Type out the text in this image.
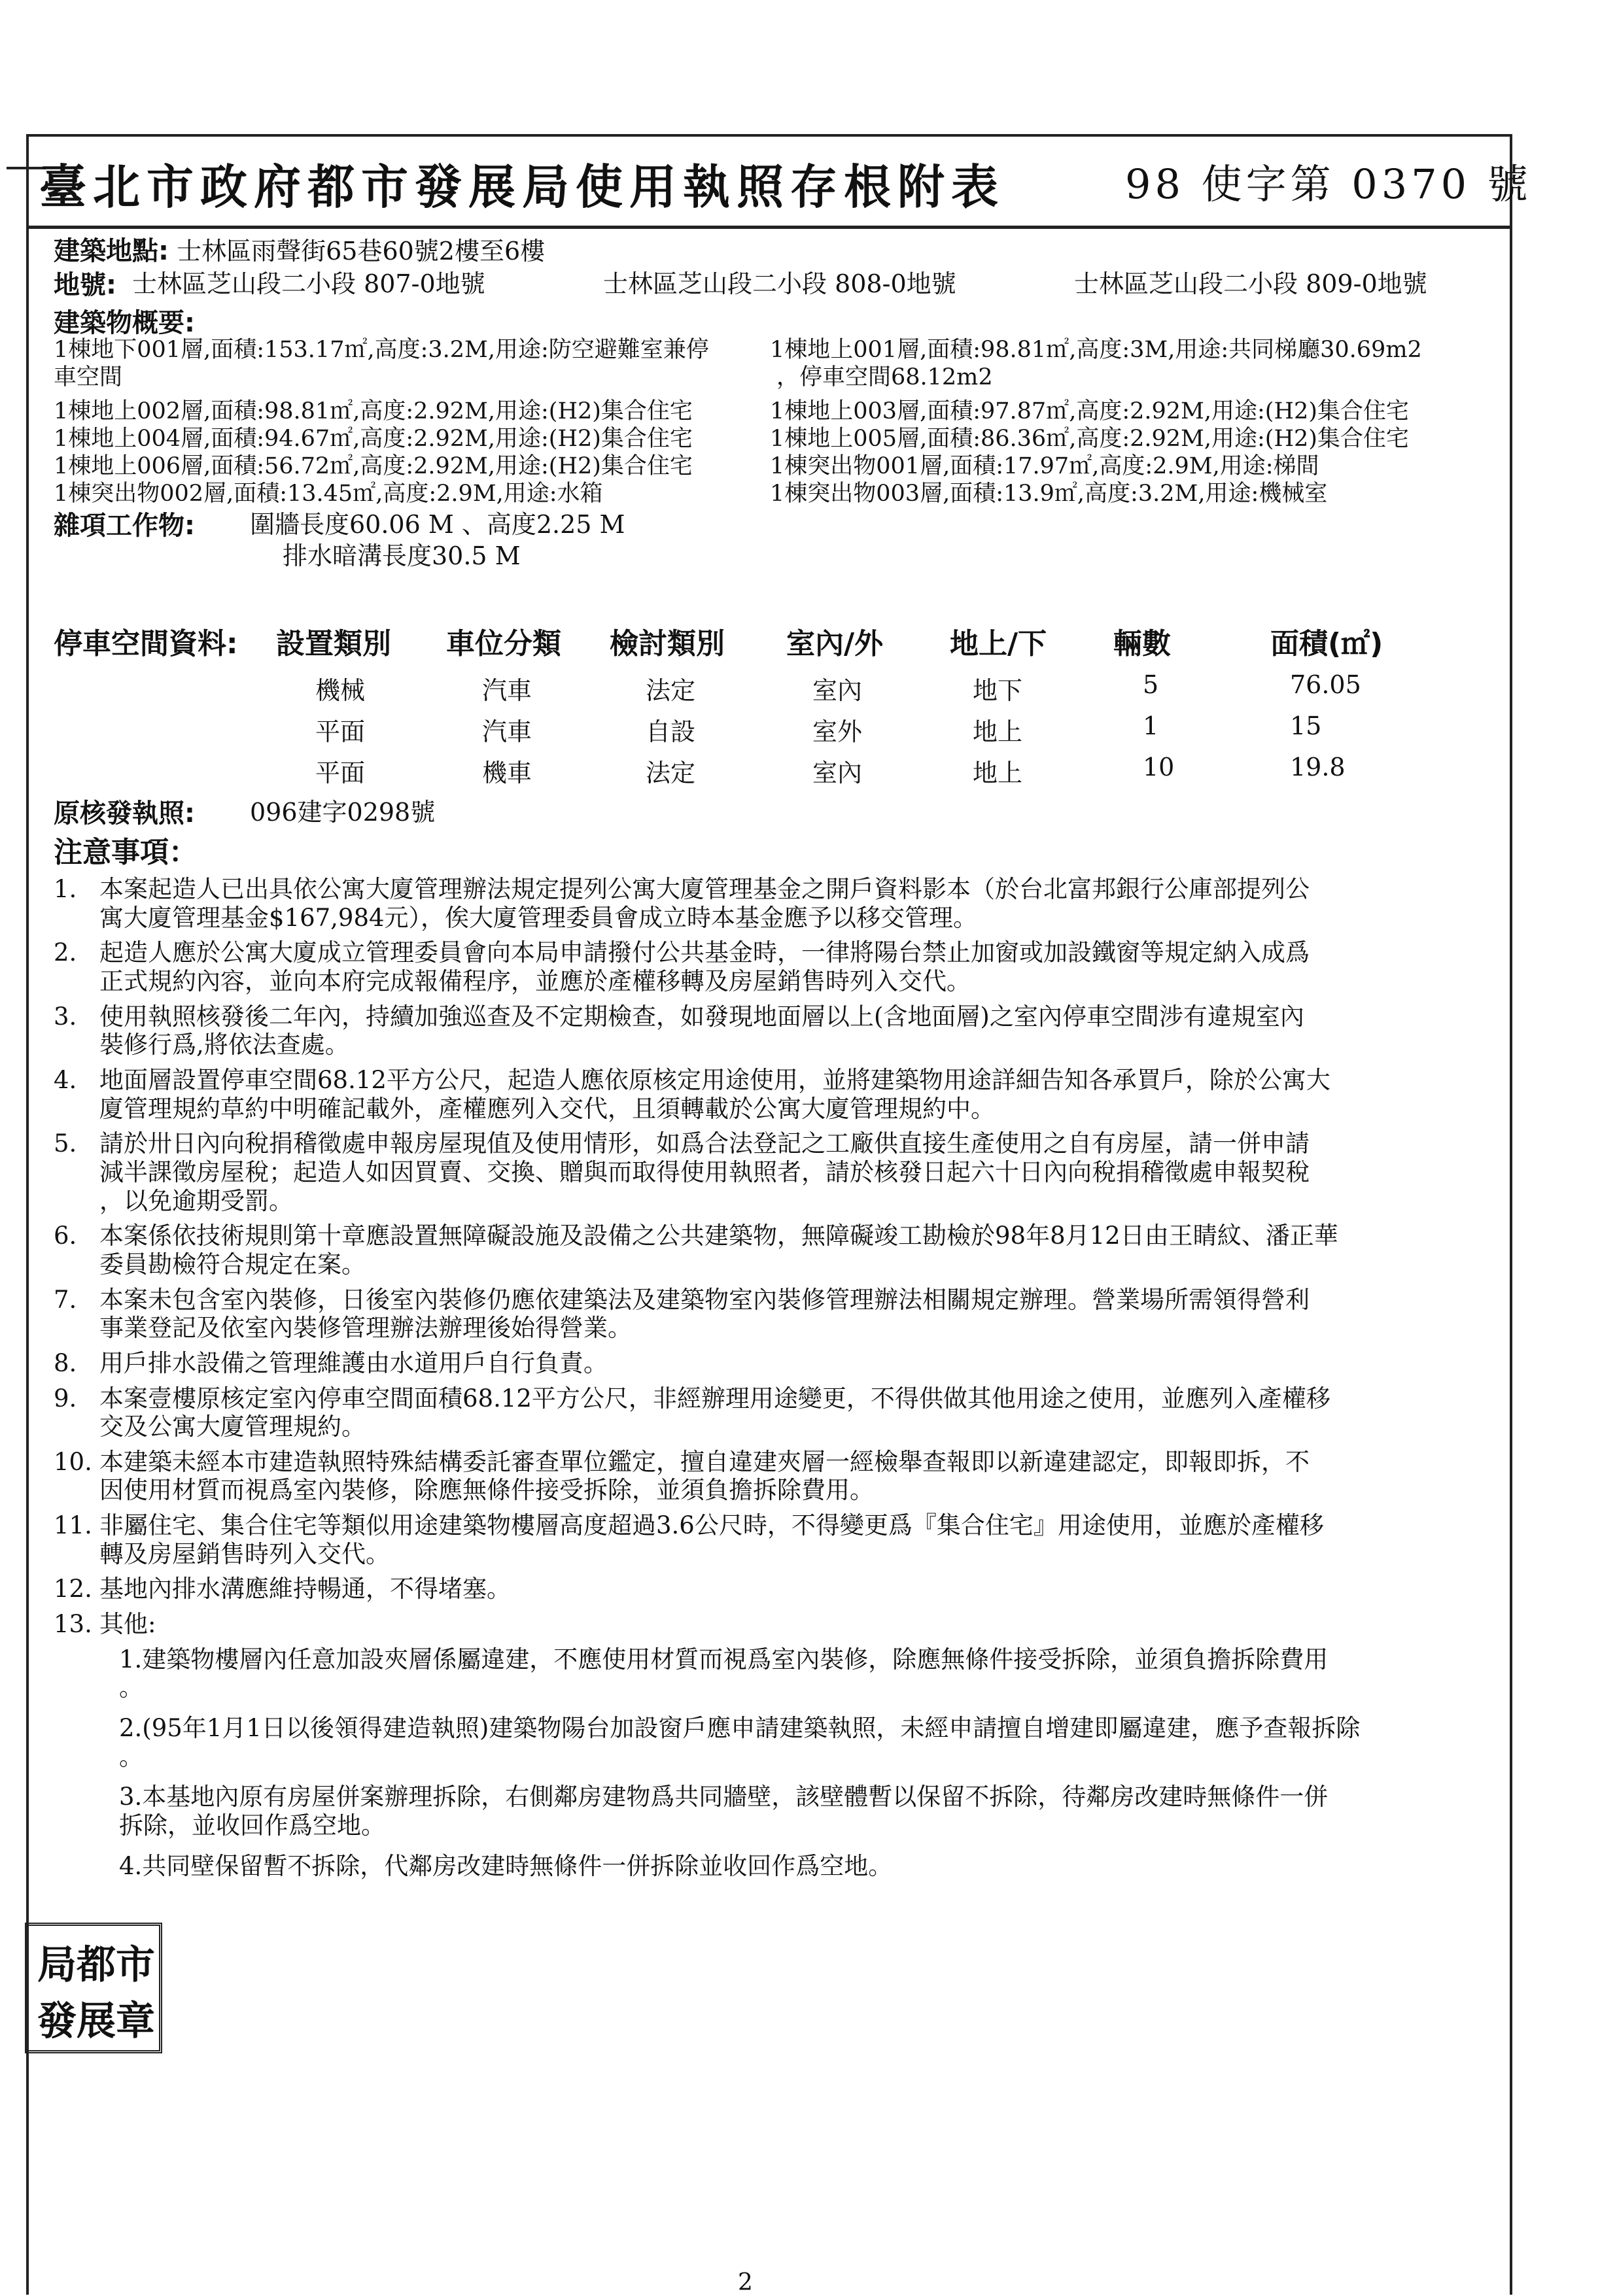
臺北市政府都市發展局使用執照存根附表	98 使字第 0370 號
建築地點: 士林區雨聲街65巷60號2樓至6樓
地號: 士林區芝山段二小段 807-0地號	士林區芝山段二小段 808-0地號	士林區芝山段二小段 809-0地號
建築物概要:
1棟地下001層,面積:153.17㎡,高度:3.2M,用途:防空避難室兼停	1棟地上001層,面積:98.81㎡,高度:3M,用途:共同梯廳30.69m2
車空間	，停車空間68.12m2
1棟地上002層,面積:98.81㎡,高度:2.92M,用途:(H2)集合住宅	1棟地上003層,面積:97.87㎡,高度:2.92M,用途:(H2)集合住宅
1棟地上004層,面積:94.67㎡,高度:2.92M,用途:(H2)集合住宅	1棟地上005層,面積:86.36㎡,高度:2.92M,用途:(H2)集合住宅
1棟地上006層,面積:56.72㎡,高度:2.92M,用途:(H2)集合住宅	1棟突出物001層,面積:17.97㎡,高度:2.9M,用途:梯間
1棟突出物002層,面積:13.45㎡,高度:2.9M,用途:水箱	1棟突出物003層,面積:13.9㎡,高度:3.2M,用途:機械室
雜項工作物: 圍牆長度60.06 M 、高度2.25 M
排水暗溝長度30.5 M
停車空間資料: 設置類別 車位分類 檢討類別 室內/外 地上/下 輛數	面積(㎡)
機械	汽車	法定	室內	地下	5	76.05
平面	汽車	自設	室外	地上	1	15
平面	機車	法定	室內	地上	10	19.8
原核發執照: 096建字0298號
注意事項：
1. 本案起造人已出具依公寓大廈管理辦法規定提列公寓大廈管理基金之開戶資料影本（於台北富邦銀行公庫部提列公
寓大廈管理基金$167,984元），俟大廈管理委員會成立時本基金應予以移交管理。
2. 起造人應於公寓大廈成立管理委員會向本局申請撥付公共基金時，一律將陽台禁止加窗或加設鐵窗等規定納入成爲
正式規約內容，並向本府完成報備程序，並應於產權移轉及房屋銷售時列入交代。
3. 使用執照核發後二年內，持續加強巡查及不定期檢查，如發現地面層以上(含地面層)之室內停車空間涉有違規室內
裝修行爲,將依法查處。
4. 地面層設置停車空間68.12平方公尺，起造人應依原核定用途使用，並將建築物用途詳細告知各承買戶，除於公寓大
廈管理規約草約中明確記載外，產權應列入交代，且須轉載於公寓大廈管理規約中。
5. 請於卅日內向稅捐稽徵處申報房屋現值及使用情形，如爲合法登記之工廠供直接生產使用之自有房屋，請一併申請
減半課徵房屋稅；起造人如因買賣、交換、贈與而取得使用執照者，請於核發日起六十日內向稅捐稽徵處申報契稅
，以免逾期受罰。
6. 本案係依技術規則第十章應設置無障礙設施及設備之公共建築物，無障礙竣工勘檢於98年8月12日由王睛紋、潘正華
委員勘檢符合規定在案。
7. 本案未包含室內裝修，日後室內裝修仍應依建築法及建築物室內裝修管理辦法相關規定辦理。營業場所需領得營利
事業登記及依室內裝修管理辦法辦理後始得營業。
8. 用戶排水設備之管理維護由水道用戶自行負責。
9. 本案壹樓原核定室內停車空間面積68.12平方公尺，非經辦理用途變更，不得供做其他用途之使用，並應列入產權移
交及公寓大廈管理規約。
10. 本建築未經本市建造執照特殊結構委託審查單位鑑定，擅自違建夾層一經檢舉查報即以新違建認定，即報即拆，不
因使用材質而視爲室內裝修，除應無條件接受拆除，並須負擔拆除費用。
11. 非屬住宅、集合住宅等類似用途建築物樓層高度超過3.6公尺時，不得變更爲『集合住宅』用途使用，並應於產權移
轉及房屋銷售時列入交代。
12. 基地內排水溝應維持暢通，不得堵塞。
13. 其他:
1.建築物樓層內任意加設夾層係屬違建，不應使用材質而視爲室內裝修，除應無條件接受拆除，並須負擔拆除費用
。
2.(95年1月1日以後領得建造執照)建築物陽台加設窗戶應申請建築執照，未經申請擅自增建即屬違建，應予查報拆除
。
3.本基地內原有房屋併案辦理拆除，右側鄰房建物爲共同牆壁，該壁體暫以保留不拆除，待鄰房改建時無條件一併
拆除，並收回作爲空地。
4.共同壁保留暫不拆除，代鄰房改建時無條件一併拆除並收回作爲空地。
局 都 市
發 展 章
2
